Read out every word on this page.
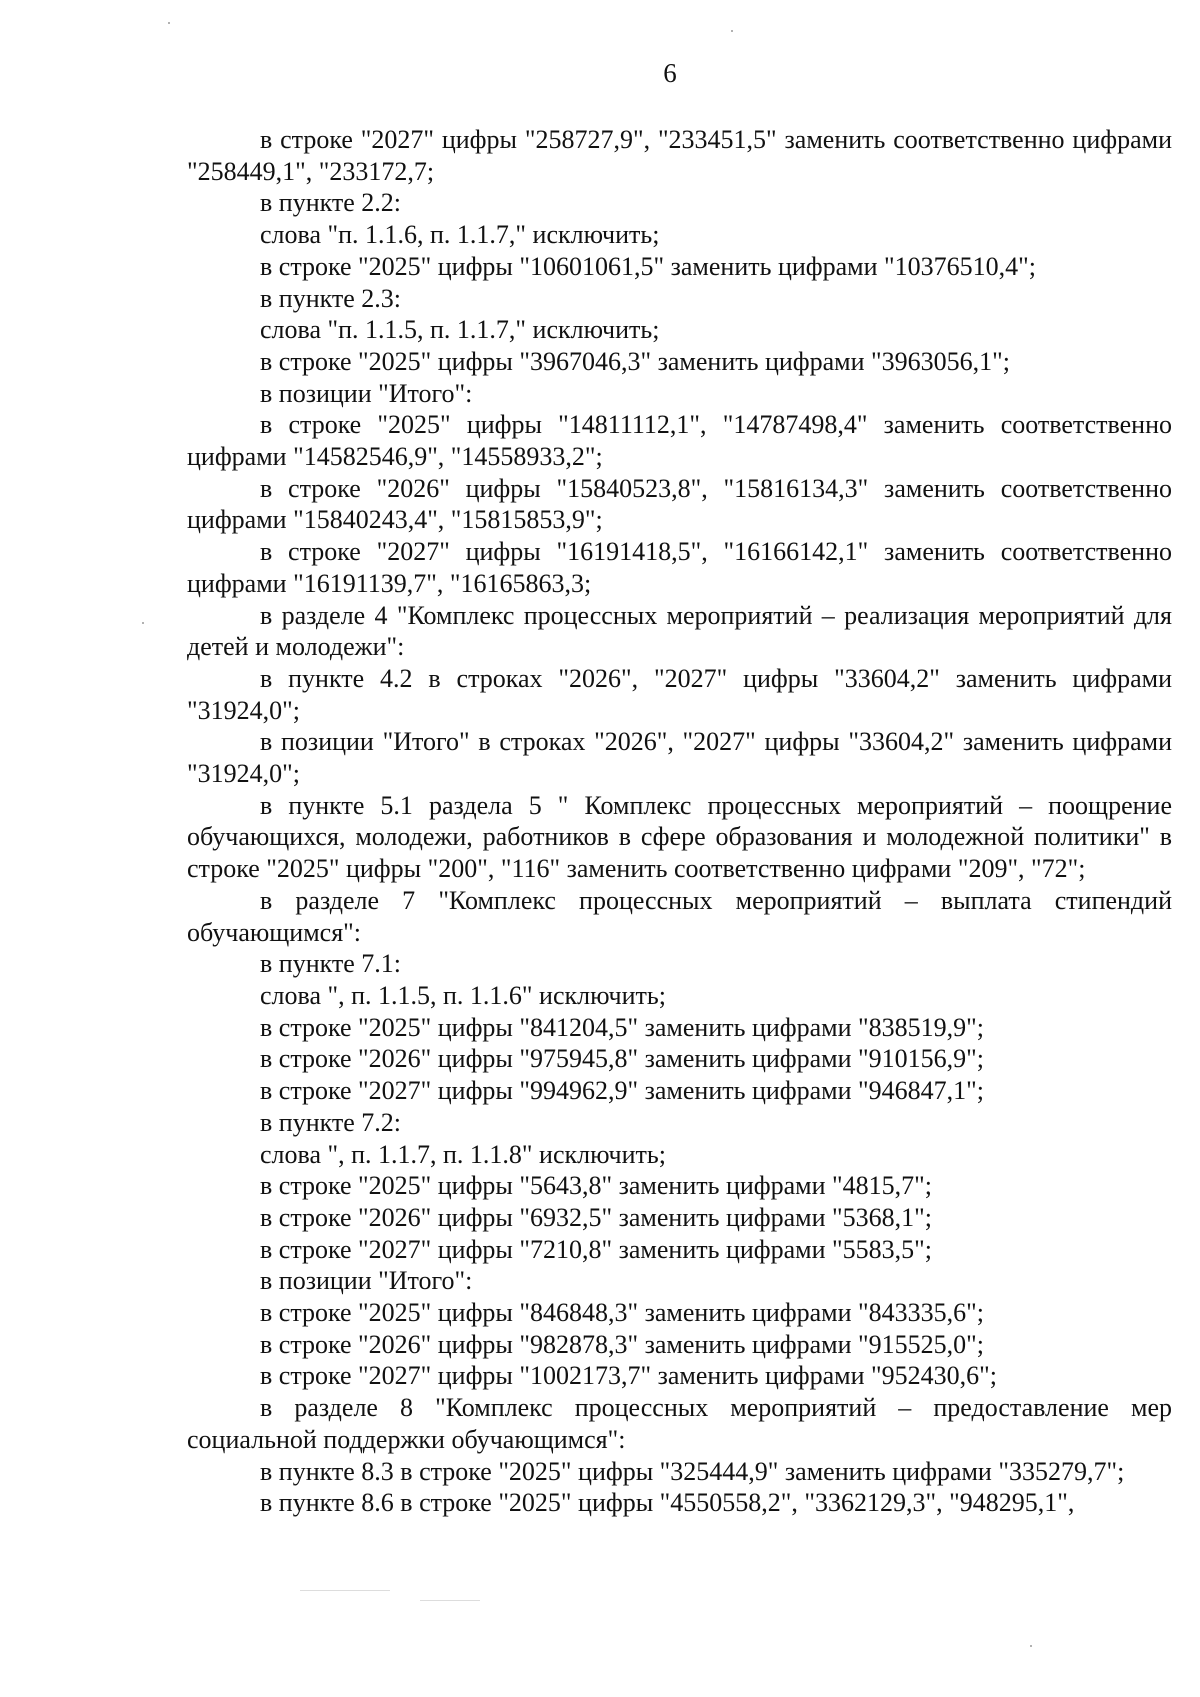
6

в строке "2027" цифры "258727,9", "233451,5" заменить соответственно цифрами "258449,1", "233172,7;

в пункте 2.2:

слова "п. 1.1.6, п. 1.1.7," исключить;

в строке "2025" цифры "10601061,5" заменить цифрами "10376510,4";

в пункте 2.3:

слова "п. 1.1.5, п. 1.1.7," исключить;

в строке "2025" цифры "3967046,3" заменить цифрами "3963056,1";

в позиции "Итого":

в строке "2025" цифры "14811112,1", "14787498,4" заменить соответственно цифрами "14582546,9", "14558933,2";

в строке "2026" цифры "15840523,8", "15816134,3" заменить соответственно цифрами "15840243,4", "15815853,9";

в строке "2027" цифры "16191418,5", "16166142,1" заменить соответственно цифрами "16191139,7", "16165863,3;

в разделе 4 "Комплекс процессных мероприятий – реализация мероприятий для детей и молодежи":

в пункте 4.2 в строках "2026", "2027" цифры "33604,2" заменить цифрами "31924,0";

в позиции "Итого" в строках "2026", "2027" цифры "33604,2" заменить цифрами "31924,0";

в пункте 5.1 раздела 5 " Комплекс процессных мероприятий – поощрение обучающихся, молодежи, работников в сфере образования и молодежной политики" в строке "2025" цифры "200", "116" заменить соответственно цифрами "209", "72";

в разделе 7 "Комплекс процессных мероприятий – выплата стипендий обучающимся":

в пункте 7.1:

слова ", п. 1.1.5, п. 1.1.6" исключить;

в строке "2025" цифры "841204,5" заменить цифрами "838519,9";

в строке "2026" цифры "975945,8" заменить цифрами "910156,9";

в строке "2027" цифры "994962,9" заменить цифрами "946847,1";

в пункте 7.2:

слова ", п. 1.1.7, п. 1.1.8" исключить;

в строке "2025" цифры "5643,8" заменить цифрами "4815,7";

в строке "2026" цифры "6932,5" заменить цифрами "5368,1";

в строке "2027" цифры "7210,8" заменить цифрами "5583,5";

в позиции "Итого":

в строке "2025" цифры "846848,3" заменить цифрами "843335,6";

в строке "2026" цифры "982878,3" заменить цифрами "915525,0";

в строке "2027" цифры "1002173,7" заменить цифрами "952430,6";

в разделе 8 "Комплекс процессных мероприятий – предоставление мер социальной поддержки обучающимся":

в пункте 8.3 в строке "2025" цифры "325444,9" заменить цифрами "335279,7";

в пункте 8.6 в строке "2025" цифры "4550558,2", "3362129,3", "948295,1",
